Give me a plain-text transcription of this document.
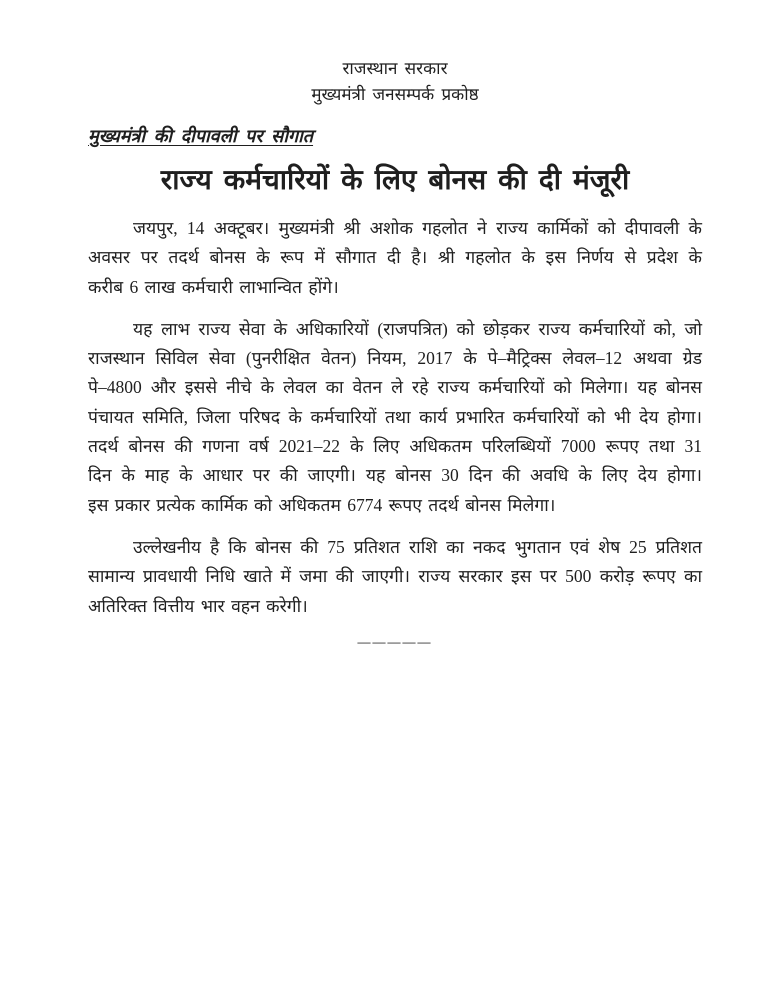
राजस्थान सरकार
मुख्यमंत्री जनसम्पर्क प्रकोष्ठ
मुख्यमंत्री की दीपावली पर सौगात
राज्य कर्मचारियों के लिए बोनस की दी मंजूरी
जयपुर, 14 अक्टूबर। मुख्यमंत्री श्री अशोक गहलोत ने राज्य कार्मिकों को दीपावली के
अवसर पर तदर्थ बोनस के रूप में सौगात दी है। श्री गहलोत के इस निर्णय से प्रदेश के
करीब 6 लाख कर्मचारी लाभान्वित होंगे।
यह लाभ राज्य सेवा के अधिकारियों (राजपत्रित) को छोड़कर राज्य कर्मचारियों को, जो
राजस्थान सिविल सेवा (पुनरीक्षित वेतन) नियम, 2017 के पे–मैट्रिक्स लेवल–12 अथवा ग्रेड
पे–4800 और इससे नीचे के लेवल का वेतन ले रहे राज्य कर्मचारियों को मिलेगा। यह बोनस
पंचायत समिति, जिला परिषद के कर्मचारियों तथा कार्य प्रभारित कर्मचारियों को भी देय होगा।
तदर्थ बोनस की गणना वर्ष 2021–22 के लिए अधिकतम परिलब्धियों 7000 रूपए तथा 31
दिन के माह के आधार पर की जाएगी। यह बोनस 30 दिन की अवधि के लिए देय होगा।
इस प्रकार प्रत्येक कार्मिक को अधिकतम 6774 रूपए तदर्थ बोनस मिलेगा।
उल्लेखनीय है कि बोनस की 75 प्रतिशत राशि का नकद भुगतान एवं शेष 25 प्रतिशत
सामान्य प्रावधायी निधि खाते में जमा की जाएगी। राज्य सरकार इस पर 500 करोड़ रूपए का
अतिरिक्त वित्तीय भार वहन करेगी।
—————
